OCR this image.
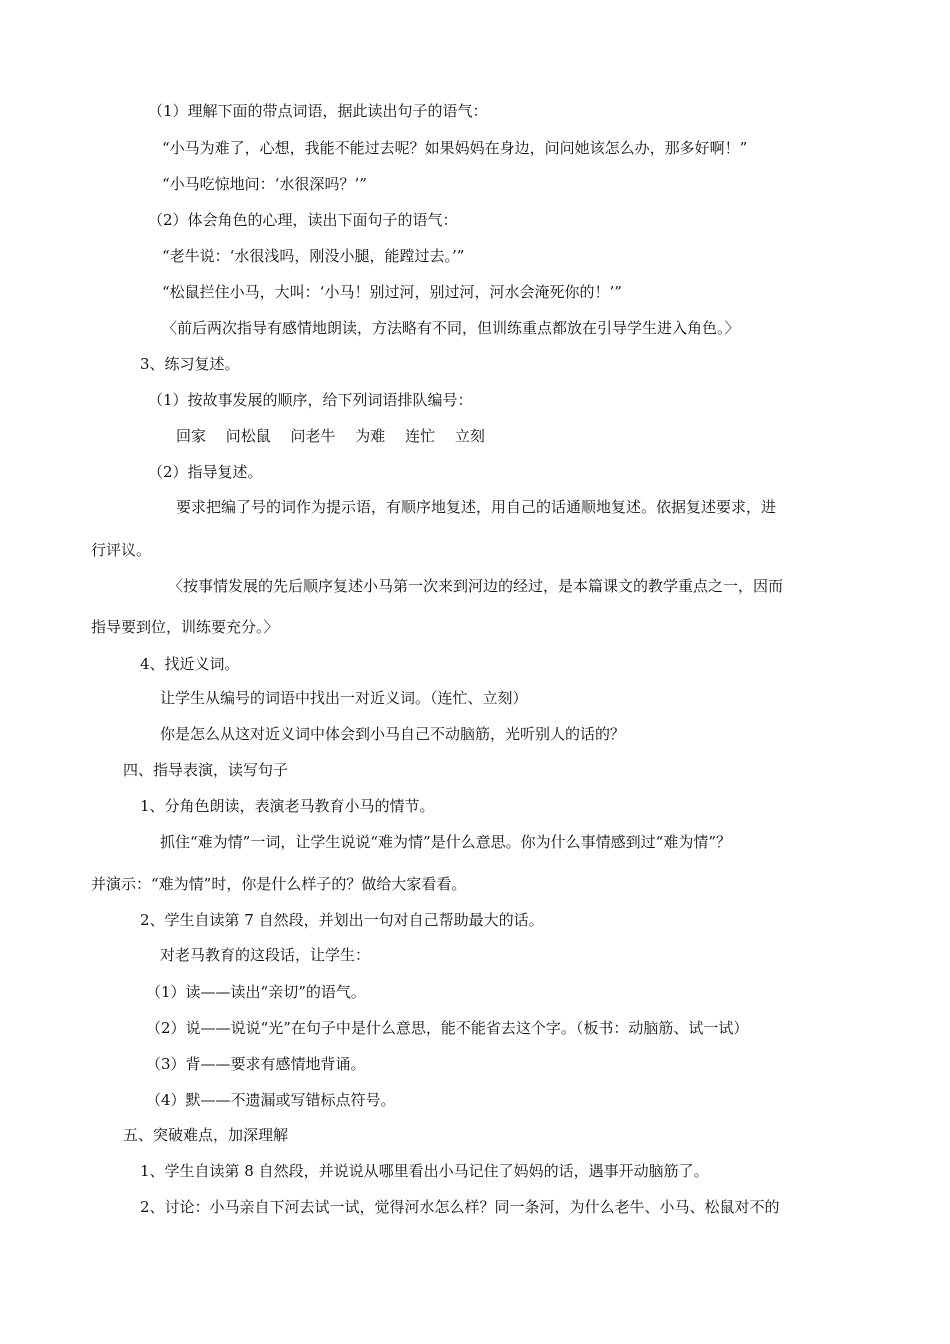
（1）理解下面的带点词语，据此读出句子的语气：
“小马为难了，心想，我能不能过去呢？如果妈妈在身边，问问她该怎么办，那多好啊！”
“小马吃惊地问：‘水很深吗？’”
（2）体会角色的心理，读出下面句子的语气：
“老牛说：‘水很浅吗，刚没小腿，能蹚过去。’”
“松鼠拦住小马，大叫：‘小马！别过河，别过河，河水会淹死你的！’”
〈前后两次指导有感情地朗读，方法略有不同，但训练重点都放在引导学生进入角色。〉
3、练习复述。
（1）按故事发展的顺序，给下列词语排队编号：
回家　 问松鼠　 问老牛　 为难　 连忙　 立刻
（2）指导复述。
要求把编了号的词作为提示语，有顺序地复述，用自己的话通顺地复述。依据复述要求，进
行评议。
〈按事情发展的先后顺序复述小马第一次来到河边的经过，是本篇课文的教学重点之一，因而
指导要到位，训练要充分。〉
4、找近义词。
让学生从编号的词语中找出一对近义词。（连忙、立刻）
你是怎么从这对近义词中体会到小马自己不动脑筋，光听别人的话的？
四、指导表演，读写句子
1、分角色朗读，表演老马教育小马的情节。
抓住“难为情”一词，让学生说说“难为情”是什么意思。你为什么事情感到过“难为情”？
并演示：“难为情”时，你是什么样子的？做给大家看看。
2、学生自读第 7 自然段，并划出一句对自己帮助最大的话。
对老马教育的这段话，让学生：
（1）读——读出“亲切”的语气。
（2）说——说说“光”在句子中是什么意思，能不能省去这个字。（板书：动脑筋、试一试）
（3）背——要求有感情地背诵。
（4）默——不遗漏或写错标点符号。
五、突破难点，加深理解
1、学生自读第 8 自然段，并说说从哪里看出小马记住了妈妈的话，遇事开动脑筋了。
2、讨论：小马亲自下河去试一试，觉得河水怎么样？同一条河，为什么老牛、小马、松鼠对不的
